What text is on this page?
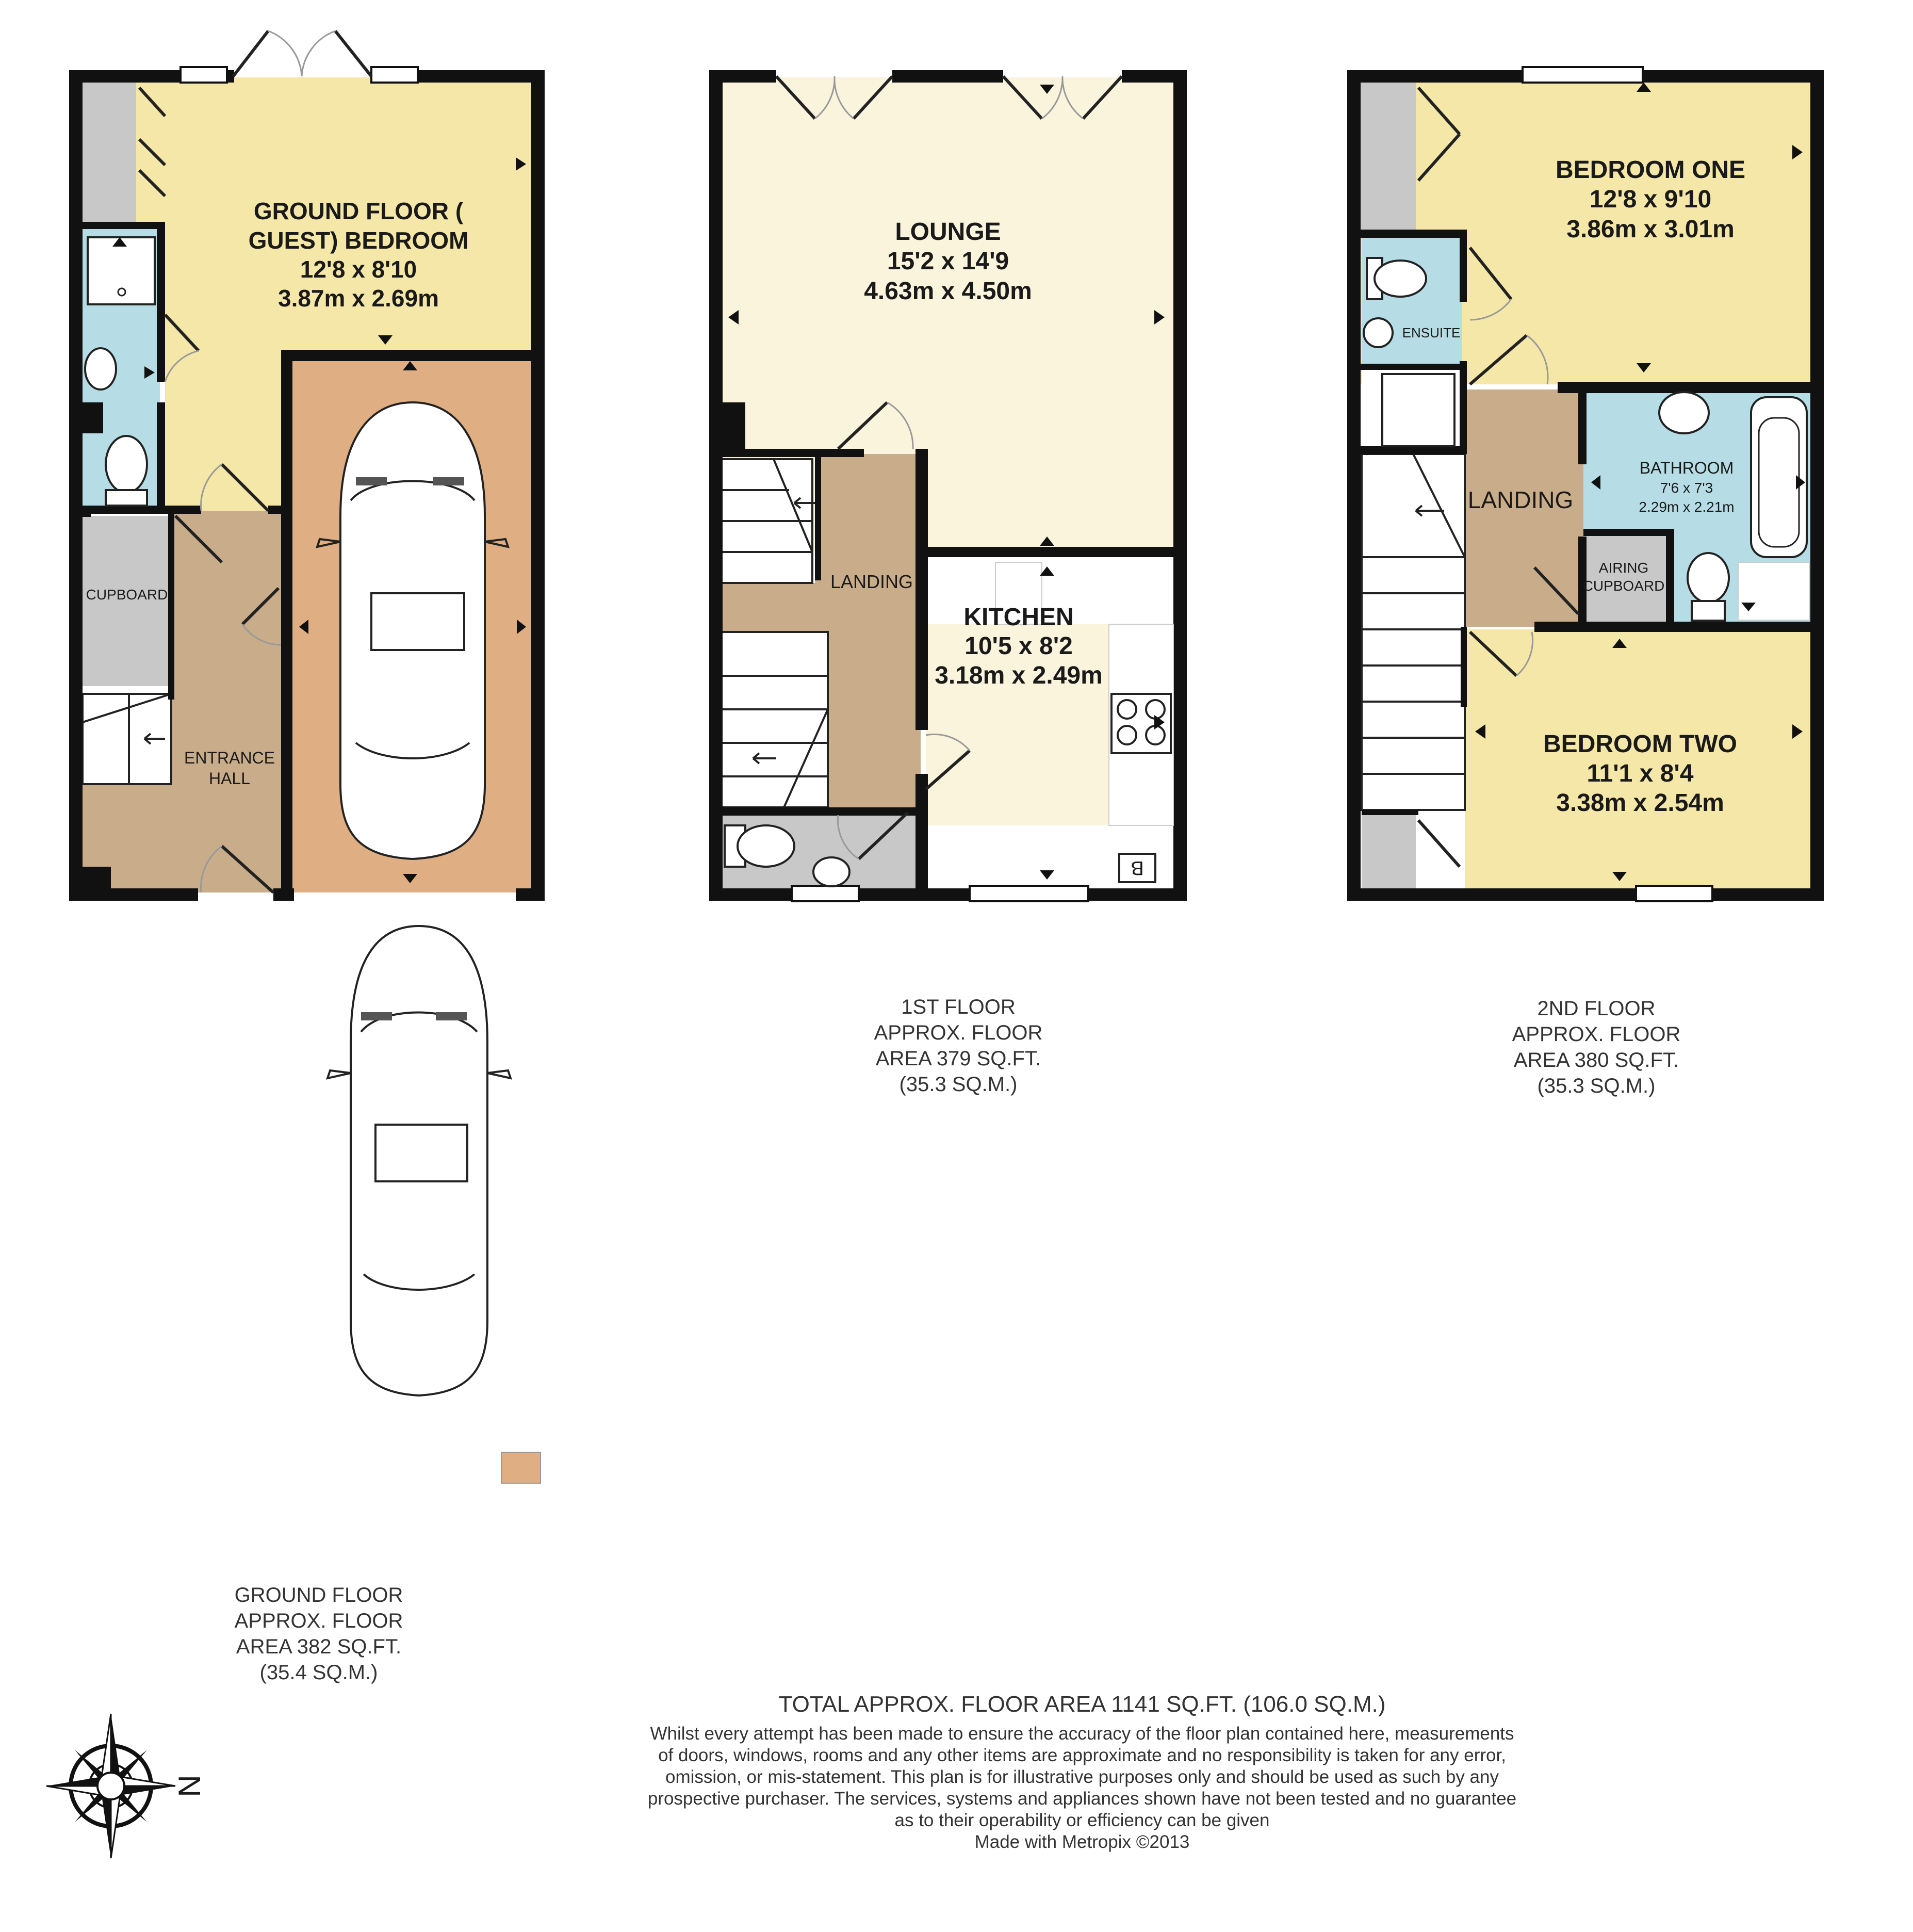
GROUND FLOOR (
GUEST) BEDROOM
12'8 x 8'10
3.87m x 2.69m
CUPBOARD
ENTRANCE
HALL
GROUND FLOOR
APPROX. FLOOR
AREA 382 SQ.FT.
(35.4 SQ.M.)
B
LOUNGE
15'2 x 14'9
4.63m x 4.50m
LANDING
KITCHEN
10'5 x 8'2
3.18m x 2.49m
1ST FLOOR
APPROX. FLOOR
AREA 379 SQ.FT.
(35.3 SQ.M.)
BEDROOM ONE
12'8 x 9'10
3.86m x 3.01m
ENSUITE
LANDING
BATHROOM
7'6 x 7'3
2.29m x 2.21m
AIRING
CUPBOARD
BEDROOM TWO
11'1 x 8'4
3.38m x 2.54m
2ND FLOOR
APPROX. FLOOR
AREA 380 SQ.FT.
(35.3 SQ.M.)
TOTAL APPROX. FLOOR AREA 1141 SQ.FT. (106.0 SQ.M.)
Whilst every attempt has been made to ensure the accuracy of the floor plan contained here, measurements
of doors, windows, rooms and any other items are approximate and no responsibility is taken for any error,
omission, or mis-statement. This plan is for illustrative purposes only and should be used as such by any
prospective purchaser. The services, systems and appliances shown have not been tested and no guarantee
as to their operability or efficiency can be given
Made with Metropix ©2013
N
